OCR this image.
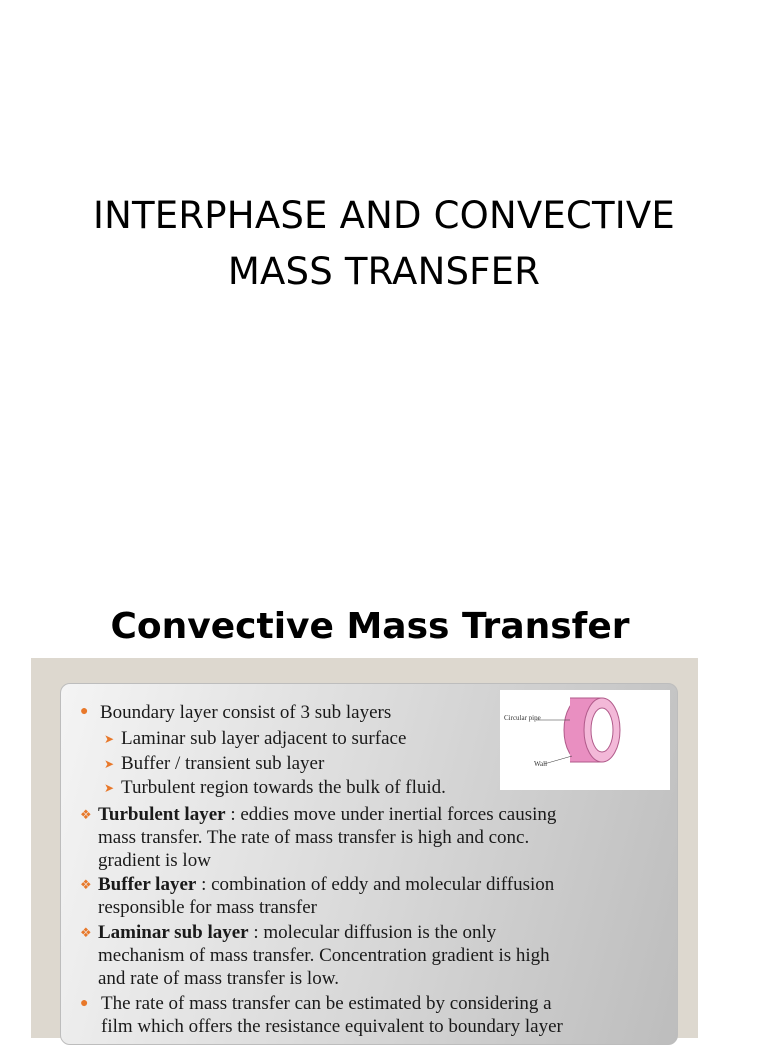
INTERPHASE AND CONVECTIVE
MASS TRANSFER
Convective Mass Transfer
Circular pipe
Wall
● Boundary layer consist of 3 sub layers
➤ Laminar sub layer adjacent to surface
➤ Buffer / transient sub layer
➤ Turbulent region towards the bulk of fluid.
❖ Turbulent layer : eddies move under inertial forces causing
mass transfer. The rate of mass transfer is high and conc.
gradient is low
❖ Buffer layer : combination of eddy and molecular diffusion
responsible for mass transfer
❖ Laminar sub layer : molecular diffusion is the only
mechanism of mass transfer. Concentration gradient is high
and rate of mass transfer is low.
● The rate of mass transfer can be estimated by considering a
film which offers the resistance equivalent to boundary layer
